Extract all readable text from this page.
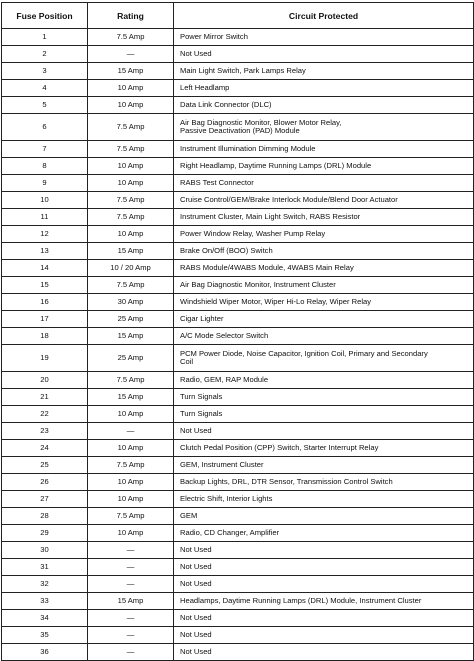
Fuse Position	Rating	Circuit Protected
1	7.5 Amp	Power Mirror Switch

2	—	Not Used

3	15 Amp	Main Light Switch, Park Lamps Relay

4	10 Amp	Left Headlamp

5	10 Amp	Data Link Connector (DLC)

6	7.5 Amp	Air Bag Diagnostic Monitor, Blower Motor Relay,
Passive Deactivation (PAD) Module

7	7.5 Amp	Instrument Illumination Dimming Module

8	10 Amp	Right Headlamp, Daytime Running Lamps (DRL) Module

9	10 Amp	RABS Test Connector

10	7.5 Amp	Cruise Control/GEM/Brake Interlock Module/Blend Door Actuator

11	7.5 Amp	Instrument Cluster, Main Light Switch, RABS Resistor

12	10 Amp	Power Window Relay, Washer Pump Relay

13	15 Amp	Brake On/Off (BOO) Switch

14	10 / 20 Amp	RABS Module/4WABS Module, 4WABS Main Relay

15	7.5 Amp	Air Bag Diagnostic Monitor, Instrument Cluster

16	30 Amp	Windshield Wiper Motor, Wiper Hi-Lo Relay, Wiper Relay

17	25 Amp	Cigar Lighter

18	15 Amp	A/C Mode Selector Switch

19	25 Amp	PCM Power Diode, Noise Capacitor, Ignition Coil, Primary and Secondary
Coil

20	7.5 Amp	Radio, GEM, RAP Module

21	15 Amp	Turn Signals

22	10 Amp	Turn Signals

23	—	Not Used

24	10 Amp	Clutch Pedal Position (CPP) Switch, Starter Interrupt Relay

25	7.5 Amp	GEM, Instrument Cluster

26	10 Amp	Backup Lights, DRL, DTR Sensor, Transmission Control Switch

27	10 Amp	Electric Shift, Interior Lights

28	7.5 Amp	GEM

29	10 Amp	Radio, CD Changer, Amplifier

30	—	Not Used

31	—	Not Used

32	—	Not Used

33	15 Amp	Headlamps, Daytime Running Lamps (DRL) Module, Instrument Cluster

34	—	Not Used

35	—	Not Used

36	—	Not Used
